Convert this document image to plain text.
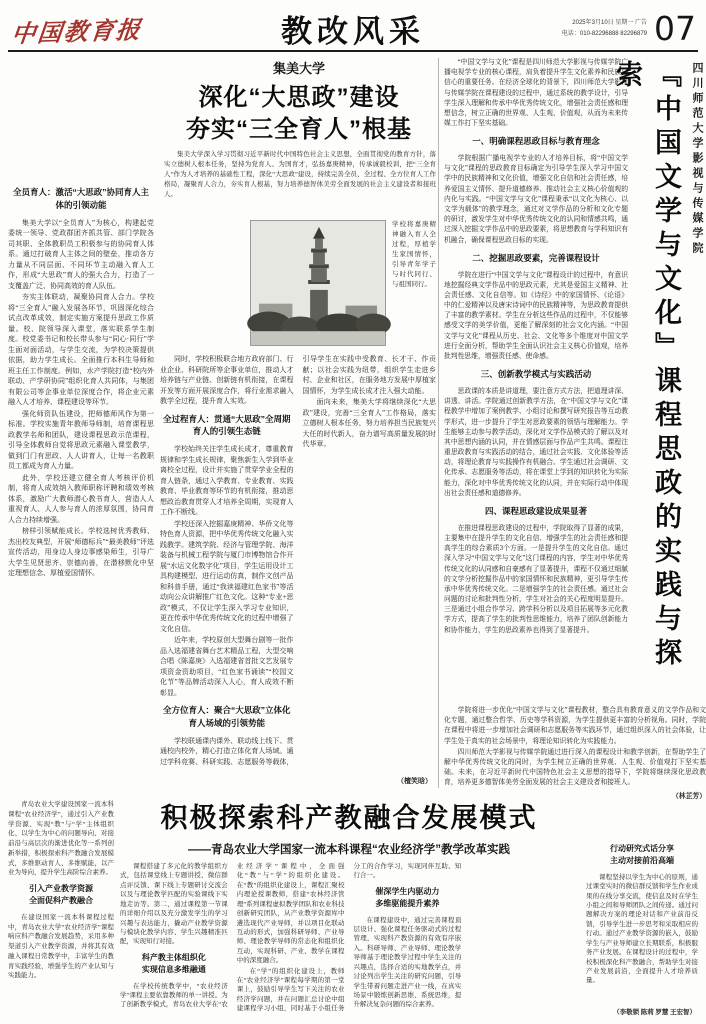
中国教育报	教改风采	2025年3月10日 星期一 广告
电话：010-82296888 82296879 07
集美大学
深化“大思政”建设
夯实“三全育人”根基
集美大学深入学习贯彻习近平新时代中国特色社会主义思想，全面贯彻党的教育方针，落实立德树人根本任务，坚持为党育人、为国育才，弘扬嘉庚精神，传承诚毅校训，把“三全育人”作为人才培养的基础性工程，深化“大思政”建设，持续完善全员、全过程、全方位育人工作格局，凝聚育人合力，夯实育人根基，努力培养德智体美劳全面发展的社会主义建设者和接班人。
学校将嘉庚精神融入育人全过程，厚植学生家国情怀，引导青年学子与时代同行、与祖国同行。
全员育人：激活“大思政”协同育人主体的引领动能

集美大学以“全员育人”为核心，构建起党委统一领导、党政群团齐抓共管、部门学院各司其职、全体教职员工积极参与的协同育人体系。通过打破育人主体之间的壁垒，推动各方力量从不同层面、不同环节主动融入育人工作，形成“大思政”育人的强大合力，打造了一支覆盖广泛、协同高效的育人队伍。

夯实主体联动，凝聚协同育人合力。学校将“三全育人”融入发展各环节，巩固深化综合试点改革成效，制定实施方案提升思政工作质量。校、院领导深入课堂，落实联系学生制度。校党委书记和校长带头参与“同心·同行”学生面对面活动，与学生交流，为学校决策提供依据，助力学生成长。全面推行本科生导师和班主任工作制度。例如，水产学院打造“校内外联动、产学研协同”组织化育人共同体，与集团有限公司等企事业单位深度合作，将企业元素融入人才培养、课程建设等环节。

强化师资队伍建设，把师德师风作为第一标准。学校实施青年教师导师制，培育课程思政教学名师和团队，建设课程思政示范课程，引导全体教师自觉将思政元素融入课堂教学，做到门门有思政、人人讲育人，让每一名教职员工都成为育人力量。

此外，学校还建立健全育人考核评价机制，将育人成效纳入教师职称评聘和绩效考核体系，激励广大教师潜心教书育人，营造人人重视育人、人人参与育人的浓厚氛围，协同育人合力持续增强。

榜样引领赋能成长。学校选树优秀教师、杰出校友典型，开展“师德标兵”“最美教师”评选宣传活动，用身边人身边事感染师生，引导广大学生见贤思齐、崇德向善，在潜移默化中坚定理想信念、厚植爱国情怀。

同时，学校积极联合地方政府部门、行业企业、科研院所等企事业单位，推动人才培养链与产业链、创新链有机衔接，在课程开发等方面开展深度合作，将行业需求融入教学全过程，提升育人实效。

全过程育人：贯通“大思政”全周期育人的引领生态链

学校始终关注学生成长成才，尊重教育规律和学生成长规律，聚焦新生入学到毕业离校全过程，设计并实施了贯穿学业全程的育人链条，通过入学教育、专业教育、实践教育、毕业教育等环节的有机衔接，推动思想政治教育贯穿人才培养全周期，实现育人工作不断线。

学校还深入挖掘嘉庚精神、华侨文化等特色育人资源，把中华优秀传统文化融入实践教学。建筑学院、经济与管理学院、海洋装备与机械工程学院与厦门市博物馆合作开展“水运文化数字化”项目，学生运用设计工具构建模型、进行运动仿真，制作文创产品和科普手册，通过“我读福建红色家书”等活动向公众讲解推广红色文化。这种“专业+思政”模式，不仅让学生深入学习专业知识，更在传承中华优秀传统文化的过程中增强了文化自信。

近年来，学校原创大型舞台剧等一批作品入选福建省舞台艺术精品工程，大型交响合唱《陈嘉庚》入选福建省首批文艺发展专项资金资助项目，“红色家书诵读”“校园文化节”等品牌活动深入人心，育人成效不断彰显。

全方位育人：聚合“大思政”立体化育人场域的引领势能

学校联通课内课外、联动线上线下、贯通校内校外，精心打造立体化育人场域。通过学科竞赛、科研实践、志愿服务等载体，引导学生在实践中受教育、长才干、作贡献；以社会实践为纽带，组织学生走进乡村、企业和社区，在服务地方发展中厚植家国情怀，为学生成长成才注入强大动能。

面向未来，集美大学将继续深化“大思政”建设，完善“三全育人”工作格局，落实立德树人根本任务，努力培养担当民族复兴大任的时代新人，奋力谱写高质量发展的时代华章。

（檀笑晗）

“中国文学与文化”课程是四川师范大学影视与传媒学院广播电视学专业的核心课程，肩负着提升学生文化素养和民族自信心的重要任务。在经济全球化的背景下，四川师范大学影视与传媒学院在课程建设的过程中，通过系统的教学设计，引导学生深入理解和传承中华优秀传统文化，增强社会责任感和理想信念，树立正确的世界观、人生观、价值观，从而为未来传媒工作打下坚实基础。

一、明确课程思政目标与教育理念

学院根据广播电视学专业的人才培养目标，将“中国文学与文化”课程的思政教育目标确定为引导学生深入学习中国文学中的民族精神和文化价值，增强文化自信和社会责任感，培养爱国主义情怀、提升道德修养、推动社会主义核心价值观的内化与实践。“中国文学与文化”课程秉承“以文化为核心、以文学为载体”的教学理念，通过对文学作品的分析和文化专题的研讨，激发学生对中华优秀传统文化的认同和情感共鸣，通过深入挖掘文学作品中的思政要素，将思想教育与学科知识有机融合，确保课程思政目标的实现。

二、挖掘思政要素，完善课程设计

学院在进行“中国文学与文化”课程设计的过程中，有意识地挖掘经典文学作品中的思政元素，尤其是爱国主义精神、社会责任感、文化自信等。如《诗经》中的家国情怀、《论语》中的仁爱精神以及唐宋诗词中的民族精神等，为思政教育提供了丰富的教学素材。学生在分析这些作品的过程中，不仅能够感受文学的美学价值，更能了解深刻的社会文化内涵。“中国文学与文化”课程从历史、社会、文化等多个维度对中国文学进行全面分析，帮助学生全面认识社会主义核心价值观，培养批判性思维，增强责任感、使命感。

三、创新教学模式与实践活动

思政课的本质是讲道理，要注意方式方法，把道理讲深、讲透、讲活。学院通过创新教学方法，在“中国文学与文化”课程教学中增加了案例教学、小组讨论和撰写研究报告等互动教学形式，进一步提升了学生对思政要素的领悟与理解能力。学生能够主动参与教学活动，深化对文学作品模式的了解以及对其中思想内涵的认同，并在情感层面与作品产生共鸣。课程注重思政教育与实践活动的结合，通过社会实践、文化体验等活动，将理论教育与实践操作有机融合。学生通过社会调研、文化传承、志愿服务等活动，将在课堂上学到的知识转化为实际能力，深化对中华优秀传统文化的认同，并在实际行动中体现出社会责任感和道德修养。

四、课程思政建设成果显著

在推进课程思政建设的过程中，学院取得了显著的成果，主要集中在提升学生的文化自信、增强学生的社会责任感和提高学生的综合素质3个方面。一是提升学生的文化自信。通过深入学习“中国文学与文化”这门课程的内容，学生对中华优秀传统文化的认同感和自豪感有了显著提升，课程不仅通过细腻的文学分析挖掘作品中的家国情怀和民族精神，更引导学生传承中华优秀传统文化。二是增强学生的社会责任感。通过社会问题的讨论和批判性分析，学生对社会的关心程度明显提升。三是通过小组合作学习、跨学科分析以及项目拓展等多元化教学方式，提高了学生的批判性思维能力，培养了团队创新能力和协作能力，学生的思政素养也得到了显著提升。

学院将进一步优化“中国文学与文化”课程教材，整合具有教育意义的文学作品和文化专题，通过整合哲学、历史等学科资源，为学生提供更丰富的分析视角。同时，学院在课程中将进一步增加社会调研和志愿服务等实践环节，通过组织深入的社会体验，让学生处于真实的社会场景中，将理论知识转化为实践能力。

四川师范大学影视与传媒学院通过进行深入的课程设计和教学创新，在帮助学生了解中华优秀传统文化的同时，为学生树立正确的世界观、人生观、价值观打下坚实基础。未来，在习近平新时代中国特色社会主义思想的指导下，学院将继续深化思政教育，培养更多德智体美劳全面发展的社会主义建设者和接班人。

（林芷芳）
『中国文学与文化』课程思政的实践与探索	四川师范大学影视与传媒学院

青岛农业大学建设国家一流本科课程“农业经济学”，通过引入产业教学资源、实现“教”与“学”主体组织化、以学生为中心的问题导向、对接前沿与高层次的渐进优化等一系列创新举措，积极探索科产教融合发展模式，多维驱动育人、多维赋能，以产业为导向，提升学生高阶综合素养。

引入产业教学资源
全面促科产教融合

在建设国家一流本科课程过程中，青岛农业大学“农业经济学”课程响应科产教融合发展趋势，采用多种渠道引入产业教学资源，并将其有效融入课程日常教学中，丰富学生的教育实践经验，增强学生的产业认知与实践能力。

积极探索科产教融合发展模式
——青岛农业大学国家一流本科课程“农业经济学”教学改革实践

课程搭建了多元化的教学组织方式，包括课堂线上专题讲授、微信群点评反馈、课下线上专题研讨交流会以及与理论教学匹配的实验课线下实地走访等。第二，通过课程第一节课的详细介绍以及充分激发学生的学习兴趣与表达能力，撬动产业教学资源与模块化教学内容、学生兴趣精准匹配，实现知行对接。

科产教主体组织化
实现信息多维融通

在学校传统教学中，“农业经济学”课程主要依靠教师的单一讲授。为了创新教学模式，青岛农业大学在“农业经济学”课程中，全面强化“教”与“学”的组织化建设。在“教”的组织化建设上，课程汇聚校内理论授课教师，搭建“农林经济管理”系列课程虚拟教学团队和农业科技创新研究团队，从产业教学资源库中遴选现代产业导师，并以项目化联动互动的形式，加强科研导师、产业导师、理论教学导师的常态化和组织化互动，实现科研、产业、教学在课程中的深度融合。

在“学”的组织化建设上，教师在“农业经济学”课程每学期的第一堂课上，鼓励引导学生写下关注的农业经济学问题，并在问题汇总讨论中组建课程学习小组，同时基于小组任务分工的合作学习，实现同伴互助、知行合一。

催深学生内驱动力
多维驱能提升素养

在课程建设中，通过完善课程顶层设计、强化课程任务驱动式的过程管理，实现科产教资源的有效有序嵌入。科研导师、产业导师、理论教学导师基于理论教学过程中学生关注的兴趣点，选择合适的实地教学点，并讨论列出学生关注的研究问题，引导学生带着问题走进产业一线，在真实场景中锻炼创新思维、系统思维，提升解决复杂问题的综合素养。

行动研究式话分享
主动对接前沿高端

课程坚持以学生为中心的原则，通过课堂实时的微信群反馈和学生作业成果的在线分享交流，使信息及时在学生小组之间和导师团队之间传递。通过问题解决方案的理论对话和产业前沿反馈，引导学生进一步思考和采取相应的行动。通过产业教学资源的嵌入，鼓励学生与产业导师建立长期联系，积极服务产业发展。在课程设计的过程中，学校积极深化科产教融合，帮助学生对接产业发展前沿，全面提升人才培养质量。

（李敬锁 陈莉 罗慧 王宏智）
